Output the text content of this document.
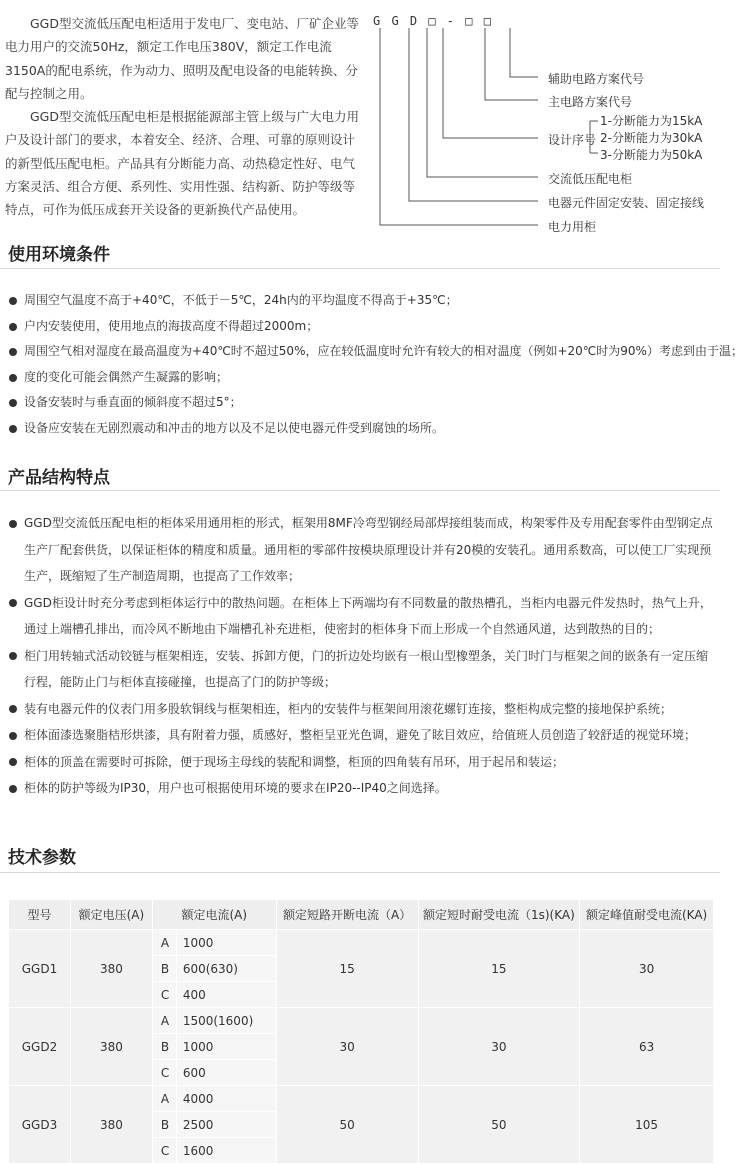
GGD型交流低压配电柜适用于发电厂、变电站、厂矿企业等电力用户的交流50Hz，额定工作电压380V，额定工作电流3150A的配电系统，作为动力、照明及配电设备的电能转换、分配与控制之用。

GGD型交流低压配电柜是根据能源部主管上级与广大电力用户及设计部门的要求，本着安全、经济、合理、可靠的原则设计的新型低压配电柜。产品具有分断能力高、动热稳定性好、电气方案灵活、组合方便、系列性、实用性强、结构新、防护等级等特点，可作为低压成套开关设备的更新换代产品使用。

G G D □ - □ □
辅助电路方案代号
主电路方案代号
设计序号
1-分断能力为15kA
2-分断能力为30kA
3-分断能力为50kA
交流低压配电柜
电器元件固定安装、固定接线
电力用柜
使用环境条件
周围空气温度不高于+40℃，不低于－5℃，24h内的平均温度不得高于+35℃；
户内安装使用，使用地点的海拔高度不得超过2000m；
周围空气相对湿度在最高温度为+40℃时不超过50%，应在较低温度时允许有较大的相对温度（例如+20℃时为90%）考虑到由于温；
度的变化可能会偶然产生凝露的影响；
设备安装时与垂直面的倾斜度不超过5°；
设备应安装在无剧烈震动和冲击的地方以及不足以使电器元件受到腐蚀的场所。
产品结构特点
GGD型交流低压配电柜的柜体采用通用柜的形式，框架用8MF冷弯型钢经局部焊接组装而成，构架零件及专用配套零件由型钢定点生产厂配套供货，以保证柜体的精度和质量。通用柜的零部件按模块原理设计并有20模的安装孔。通用系数高，可以使工厂实现预生产，既缩短了生产制造周期，也提高了工作效率；
GGD柜设计时充分考虑到柜体运行中的散热问题。在柜体上下两端均有不同数量的散热槽孔，当柜内电器元件发热时，热气上升，通过上端槽孔排出，而冷风不断地由下端槽孔补充进柜，使密封的柜体身下而上形成一个自然通风道，达到散热的目的；
柜门用转轴式活动铰链与框架相连，安装、拆卸方便，门的折边处均嵌有一根山型橡塑条，关门时门与框架之间的嵌条有一定压缩行程，能防止门与柜体直接碰撞，也提高了门的防护等级；
装有电器元件的仪表门用多股软铜线与框架相连，柜内的安装件与框架间用滚花螺钉连接，整柜构成完整的接地保护系统；
柜体面漆选聚脂桔形烘漆，具有附着力强，质感好，整柜呈亚光色调，避免了眩目效应，给值班人员创造了较舒适的视觉环境；
柜体的顶盖在需要时可拆除，便于现场主母线的装配和调整，柜顶的四角装有吊环，用于起吊和装运；
柜体的防护等级为IP30，用户也可根据使用环境的要求在IP20--IP40之间选择。
技术参数
型号	额定电压(A)	额定电流(A)		额定短路开断电流（A）	额定短时耐受电流（1s)(KA)	额定峰值耐受电流(KA)
GGD1	380	A	1000	15	15	30
		B	600(630)			
		C	400			
GGD2	380	A	1500(1600)	30	30	63
		B	1000			
		C	600			
GGD3	380	A	4000	50	50	105
		B	2500			
		C	1600			
